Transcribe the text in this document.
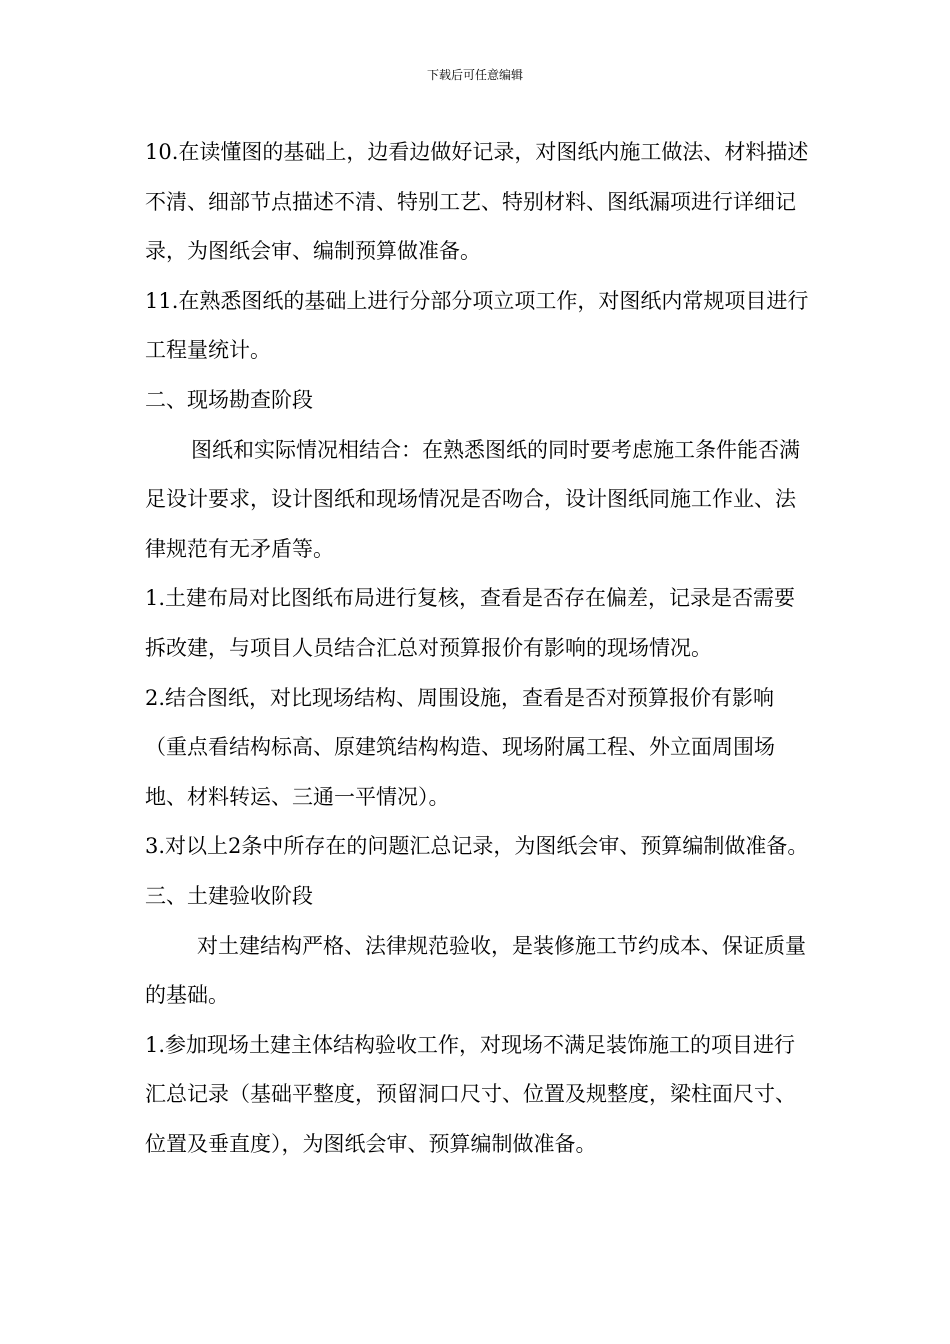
下载后可任意编辑

10.在读懂图的基础上，边看边做好记录，对图纸内施工做法、材料描述不清、细部节点描述不清、特别工艺、特别材料、图纸漏项进行详细记录，为图纸会审、编制预算做准备。

11.在熟悉图纸的基础上进行分部分项立项工作，对图纸内常规项目进行工程量统计。

二、现场勘查阶段

图纸和实际情况相结合：在熟悉图纸的同时要考虑施工条件能否满足设计要求，设计图纸和现场情况是否吻合，设计图纸同施工作业、法律规范有无矛盾等。

1.土建布局对比图纸布局进行复核，查看是否存在偏差，记录是否需要拆改建，与项目人员结合汇总对预算报价有影响的现场情况。

2.结合图纸，对比现场结构、周围设施，查看是否对预算报价有影响（重点看结构标高、原建筑结构构造、现场附属工程、外立面周围场地、材料转运、三通一平情况）。

3.对以上2条中所存在的问题汇总记录，为图纸会审、预算编制做准备。

三、土建验收阶段

对土建结构严格、法律规范验收，是装修施工节约成本、保证质量的基础。

1.参加现场土建主体结构验收工作，对现场不满足装饰施工的项目进行汇总记录（基础平整度，预留洞口尺寸、位置及规整度，梁柱面尺寸、位置及垂直度），为图纸会审、预算编制做准备。
